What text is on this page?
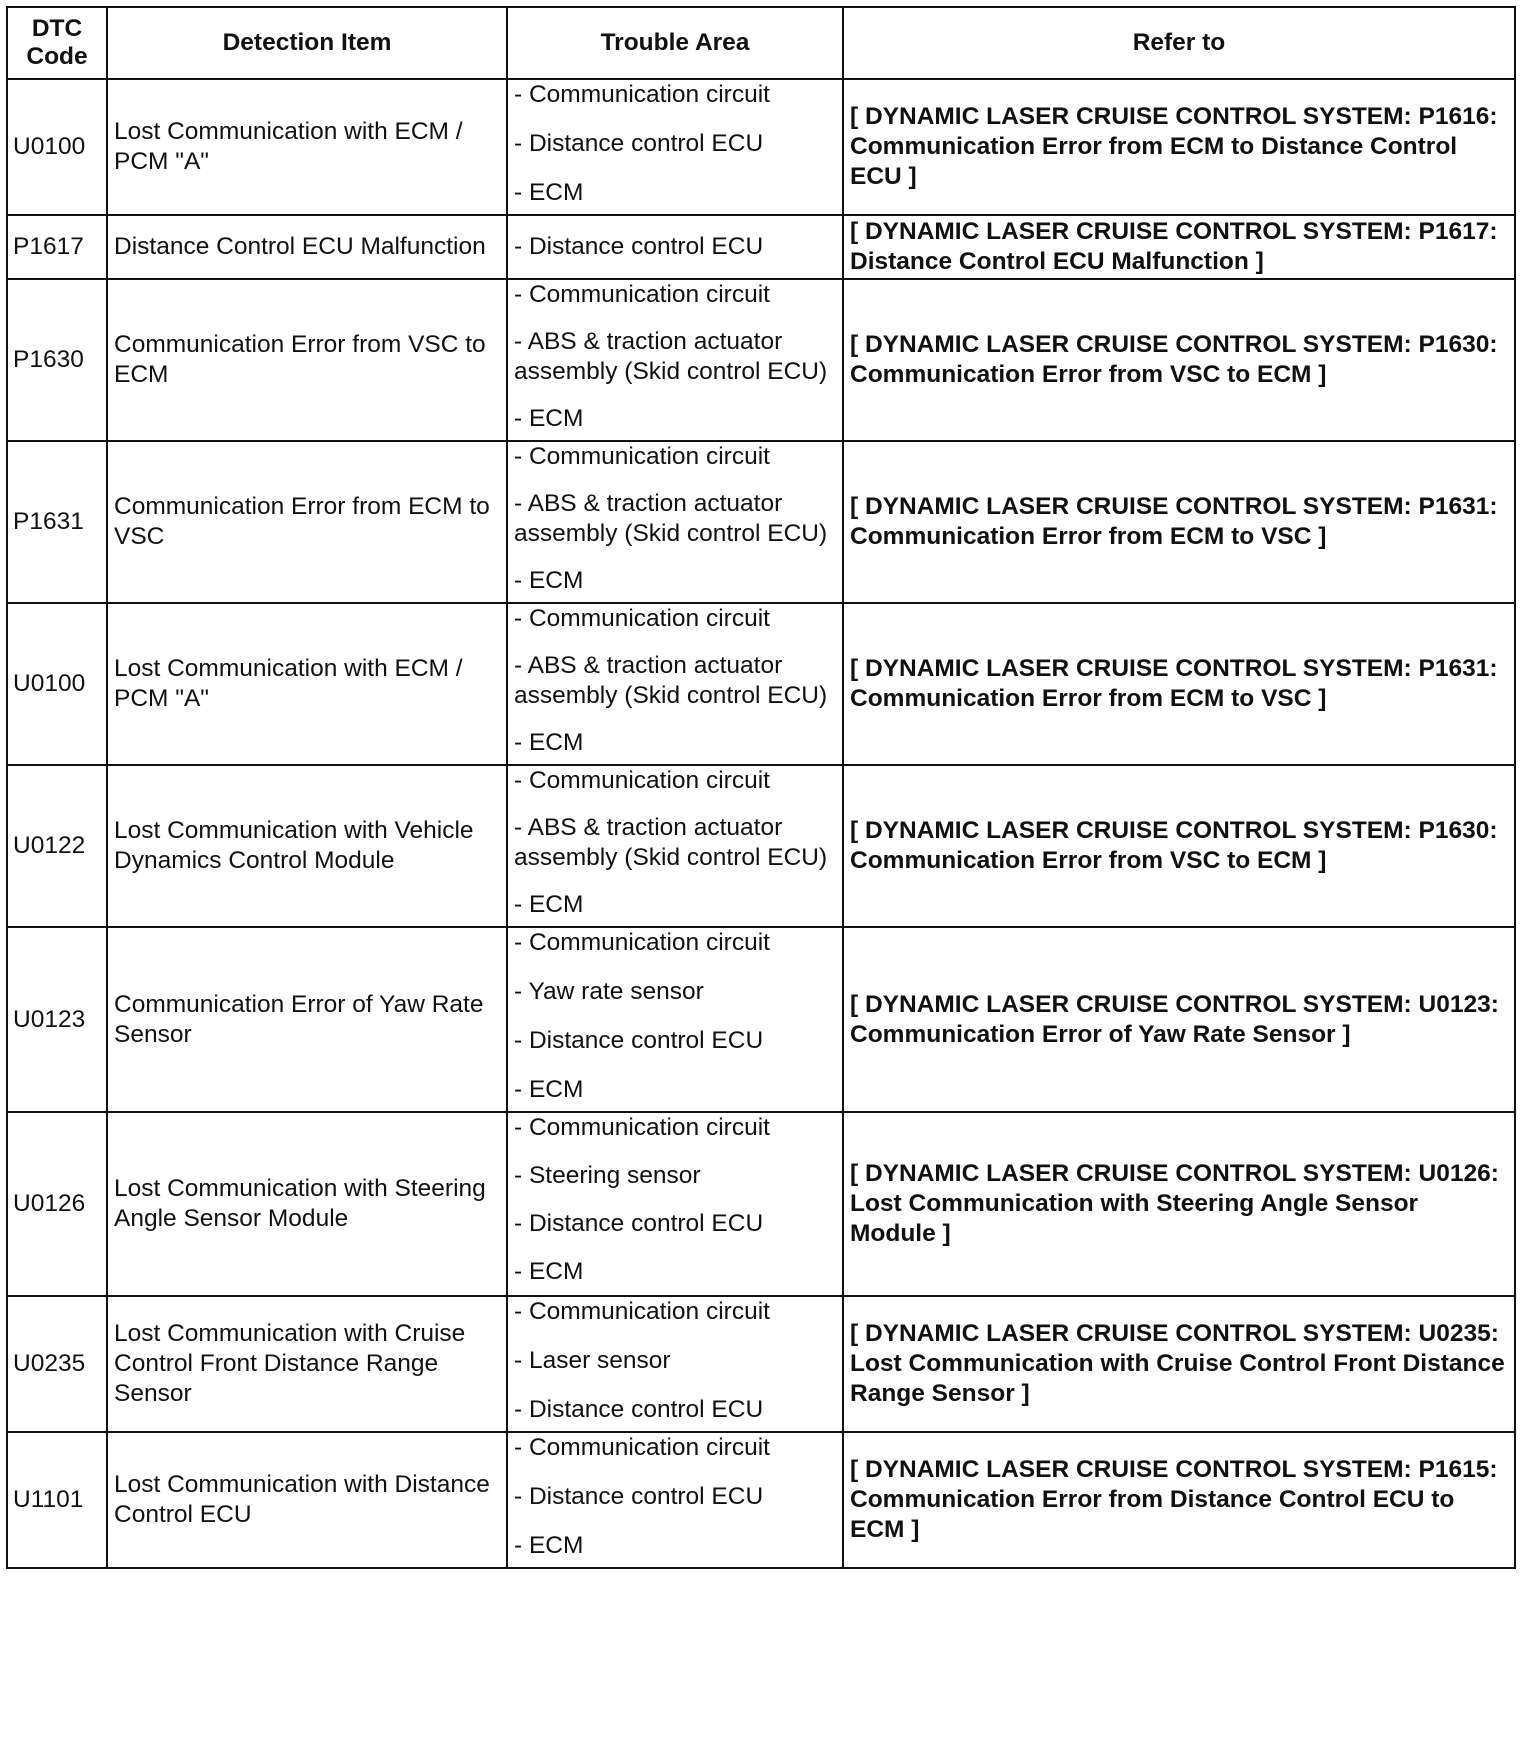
DTC Code	Detection Item	Trouble Area	Refer to
U0100	Lost Communication with ECM / PCM "A"	- Communication circuit
- Distance control ECU
- ECM	[ DYNAMIC LASER CRUISE CONTROL SYSTEM: P1616: Communication Error from ECM to Distance Control ECU ]
P1617	Distance Control ECU Malfunction	- Distance control ECU	[ DYNAMIC LASER CRUISE CONTROL SYSTEM: P1617: Distance Control ECU Malfunction ]
P1630	Communication Error from VSC to ECM	- Communication circuit
- ABS & traction actuator assembly (Skid control ECU)
- ECM	[ DYNAMIC LASER CRUISE CONTROL SYSTEM: P1630: Communication Error from VSC to ECM ]
P1631	Communication Error from ECM to VSC	- Communication circuit
- ABS & traction actuator assembly (Skid control ECU)
- ECM	[ DYNAMIC LASER CRUISE CONTROL SYSTEM: P1631: Communication Error from ECM to VSC ]
U0100	Lost Communication with ECM / PCM "A"	- Communication circuit
- ABS & traction actuator assembly (Skid control ECU)
- ECM	[ DYNAMIC LASER CRUISE CONTROL SYSTEM: P1631: Communication Error from ECM to VSC ]
U0122	Lost Communication with Vehicle Dynamics Control Module	- Communication circuit
- ABS & traction actuator assembly (Skid control ECU)
- ECM	[ DYNAMIC LASER CRUISE CONTROL SYSTEM: P1630: Communication Error from VSC to ECM ]
U0123	Communication Error of Yaw Rate Sensor	- Communication circuit
- Yaw rate sensor
- Distance control ECU
- ECM	[ DYNAMIC LASER CRUISE CONTROL SYSTEM: U0123: Communication Error of Yaw Rate Sensor ]
U0126	Lost Communication with Steering Angle Sensor Module	- Communication circuit
- Steering sensor
- Distance control ECU
- ECM	[ DYNAMIC LASER CRUISE CONTROL SYSTEM: U0126: Lost Communication with Steering Angle Sensor Module ]
U0235	Lost Communication with Cruise Control Front Distance Range Sensor	- Communication circuit
- Laser sensor
- Distance control ECU	[ DYNAMIC LASER CRUISE CONTROL SYSTEM: U0235: Lost Communication with Cruise Control Front Distance Range Sensor ]
U1101	Lost Communication with Distance Control ECU	- Communication circuit
- Distance control ECU
- ECM	[ DYNAMIC LASER CRUISE CONTROL SYSTEM: P1615: Communication Error from Distance Control ECU to ECM ]
